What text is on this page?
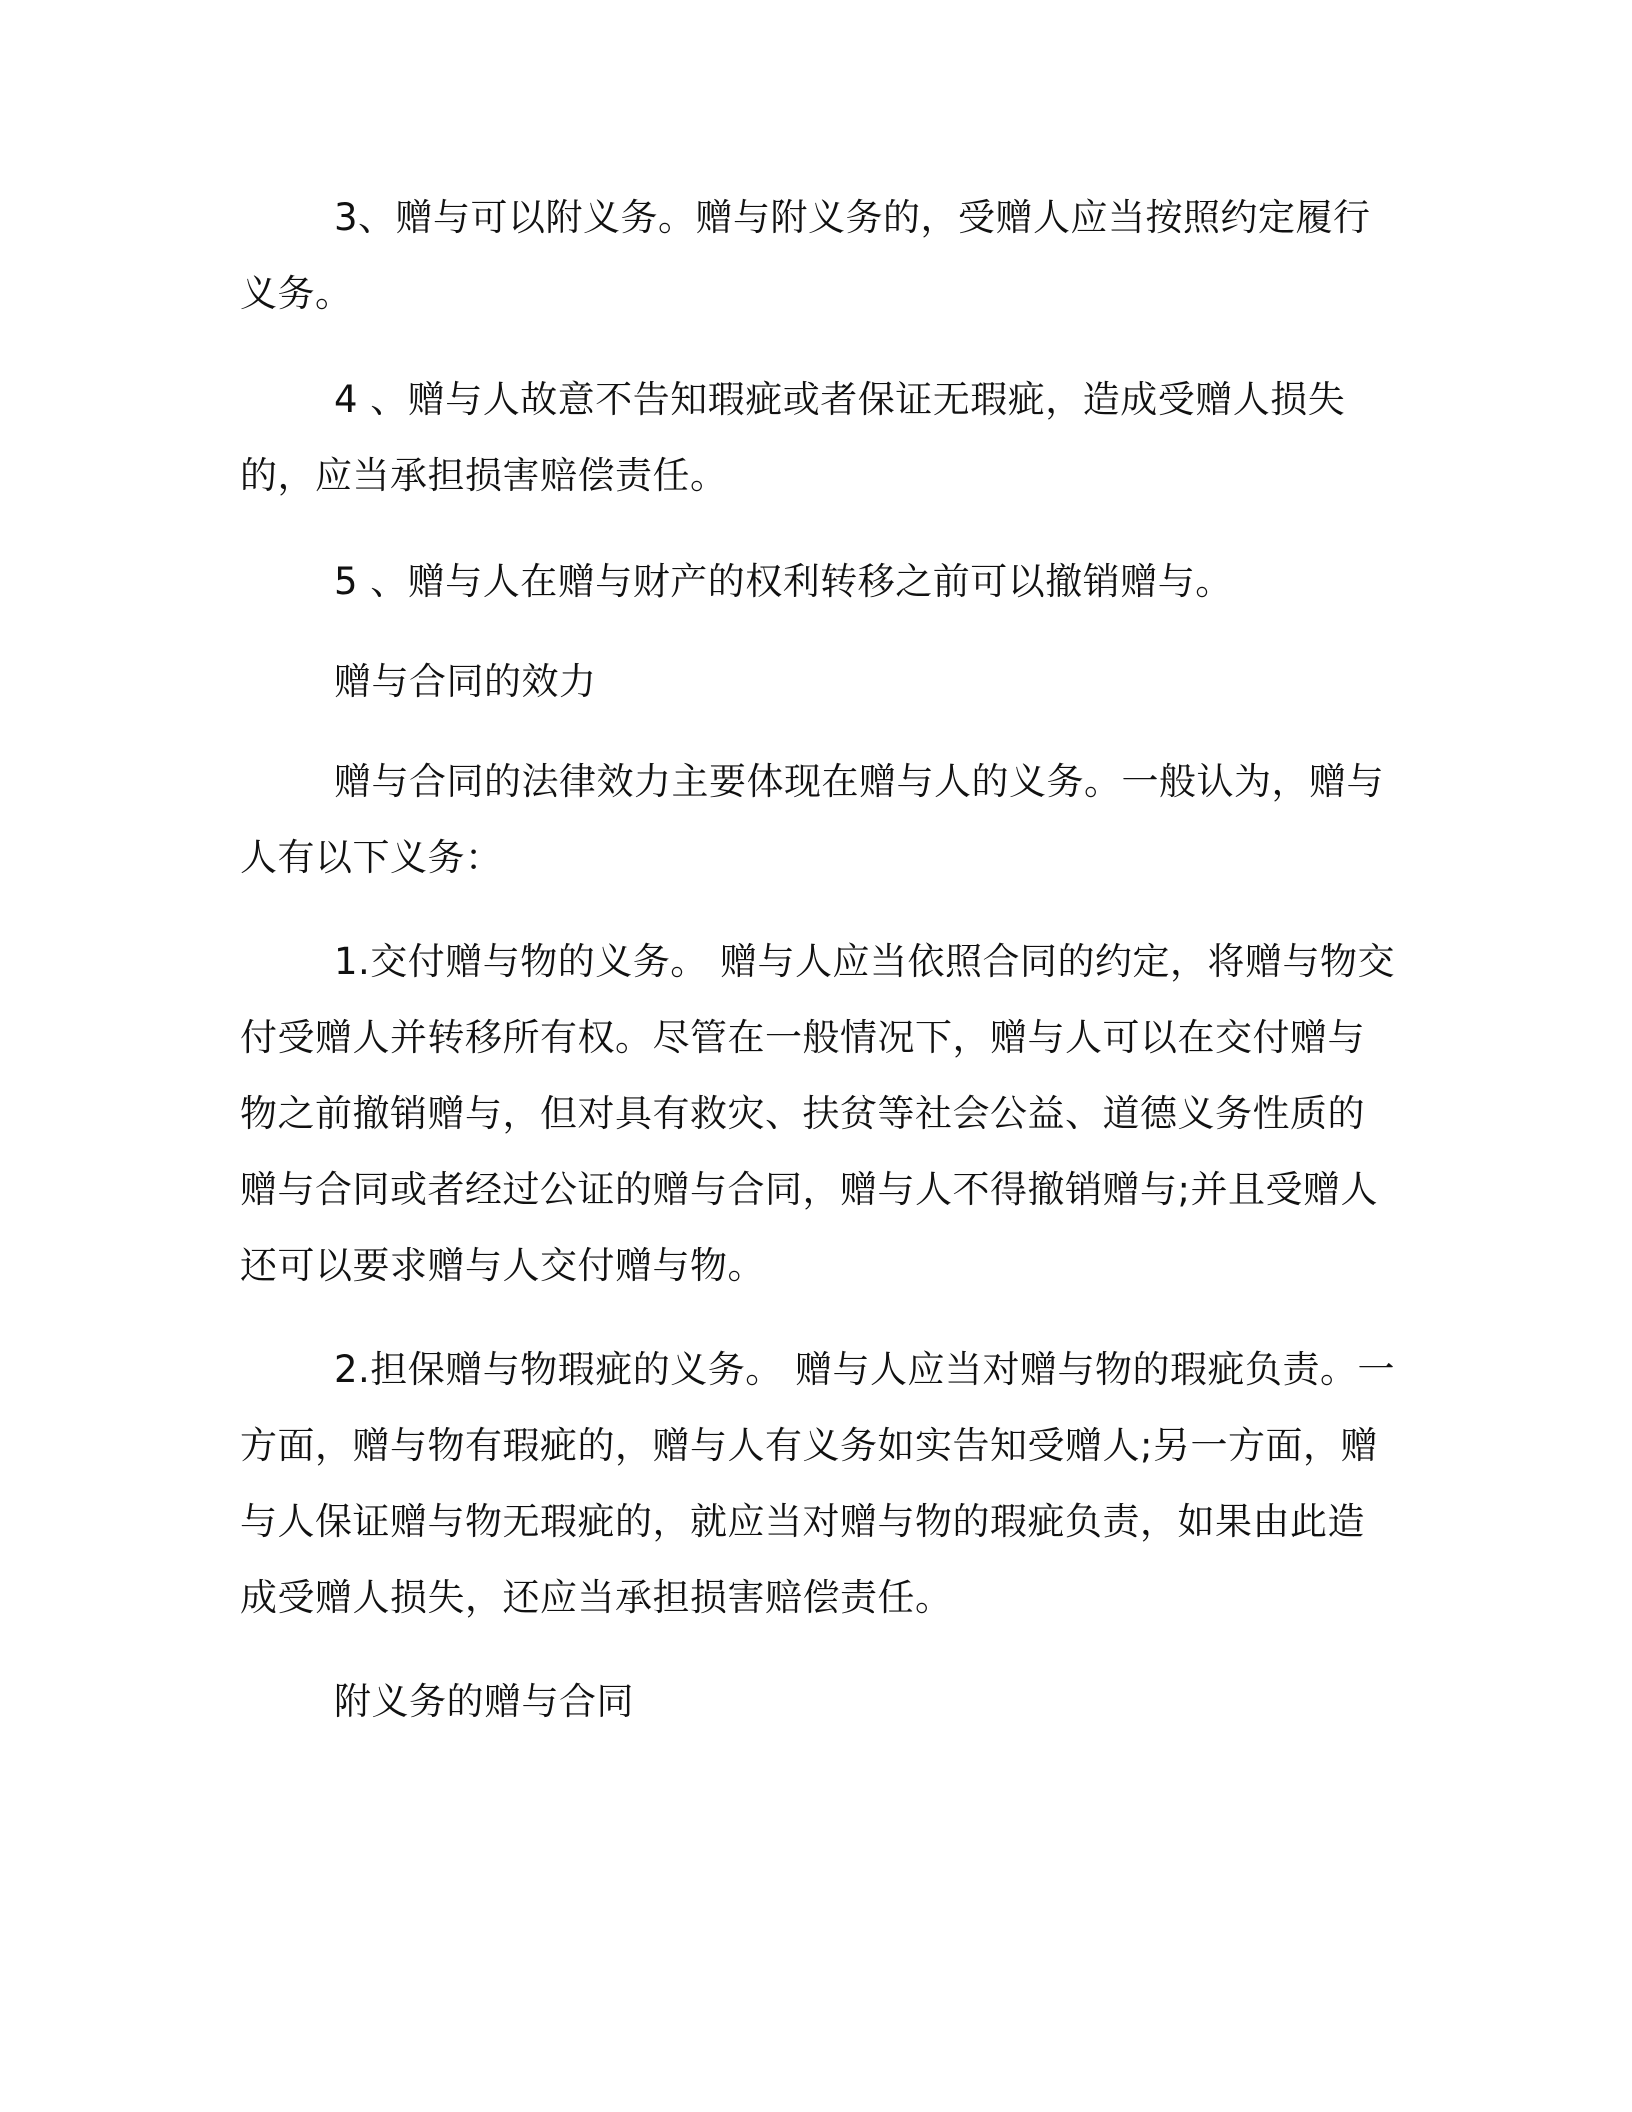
3、赠与可以附义务。赠与附义务的，受赠人应当按照约定履行义务。

4 、赠与人故意不告知瑕疵或者保证无瑕疵，造成受赠人损失的，应当承担损害赔偿责任。

5 、赠与人在赠与财产的权利转移之前可以撤销赠与。

赠与合同的效力

赠与合同的法律效力主要体现在赠与人的义务。一般认为，赠与人有以下义务：

1.交付赠与物的义务。 赠与人应当依照合同的约定，将赠与物交付受赠人并转移所有权。尽管在一般情况下，赠与人可以在交付赠与物之前撤销赠与，但对具有救灾、扶贫等社会公益、道德义务性质的赠与合同或者经过公证的赠与合同，赠与人不得撤销赠与;并且受赠人还可以要求赠与人交付赠与物。

2.担保赠与物瑕疵的义务。 赠与人应当对赠与物的瑕疵负责。一方面，赠与物有瑕疵的，赠与人有义务如实告知受赠人;另一方面，赠与人保证赠与物无瑕疵的，就应当对赠与物的瑕疵负责，如果由此造成受赠人损失，还应当承担损害赔偿责任。

附义务的赠与合同
